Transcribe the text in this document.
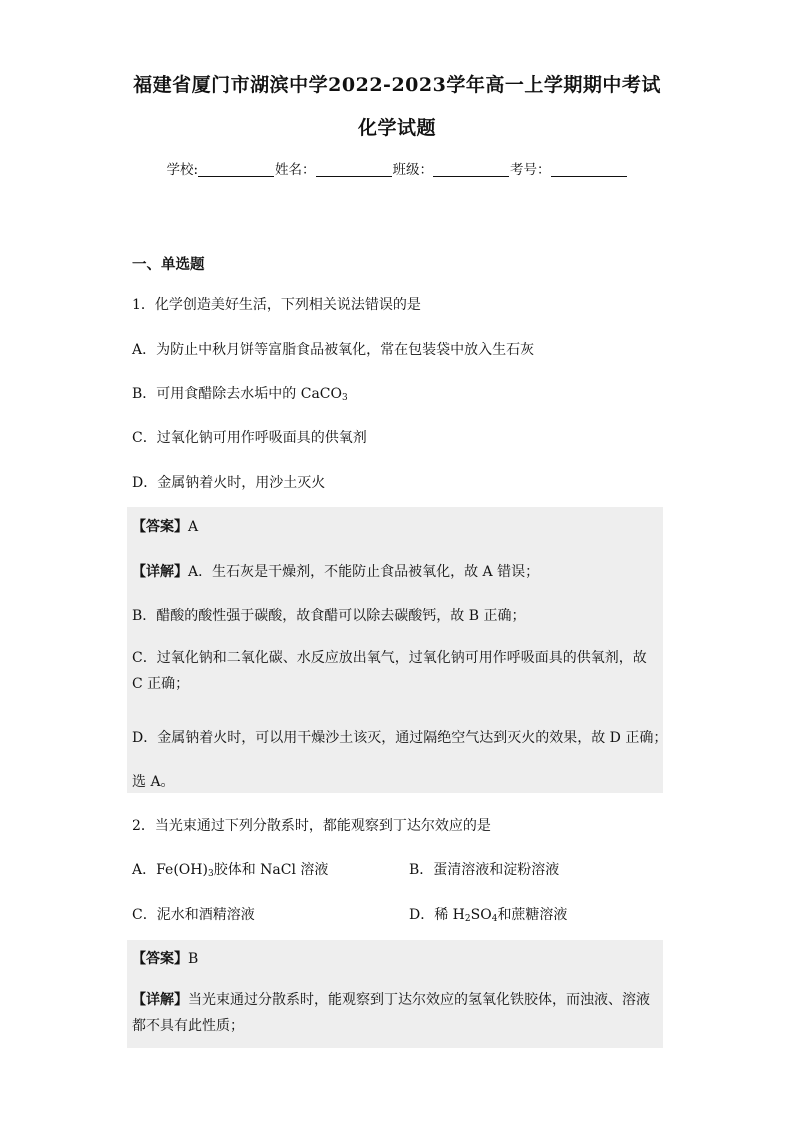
福建省厦门市湖滨中学2022-2023学年高一上学期期中考试
化学试题
学校:	姓名：	班级：	考号：
一、单选题
1．化学创造美好生活，下列相关说法错误的是
A．为防止中秋月饼等富脂食品被氧化，常在包装袋中放入生石灰
B．可用食醋除去水垢中的 CaCO$_3$
C．过氧化钠可用作呼吸面具的供氧剂
D．金属钠着火时，用沙土灭火
【答案】A
【详解】A．生石灰是干燥剂，不能防止食品被氧化，故 A 错误；
B．醋酸的酸性强于碳酸，故食醋可以除去碳酸钙，故 B 正确；
C．过氧化钠和二氧化碳、水反应放出氧气，过氧化钠可用作呼吸面具的供氧剂，故 C 正确；
D．金属钠着火时，可以用干燥沙土该灭，通过隔绝空气达到灭火的效果，故 D 正确；
选 A。
2．当光束通过下列分散系时，都能观察到丁达尔效应的是
A．$Fe(OH)_3$胶体和 NaCl 溶液	B．蛋清溶液和淀粉溶液
C．泥水和酒精溶液	D．稀 $H_2SO_4$和蔗糖溶液
【答案】B
【详解】当光束通过分散系时，能观察到丁达尔效应的氢氧化铁胶体，而浊液、溶液都不具有此性质；
